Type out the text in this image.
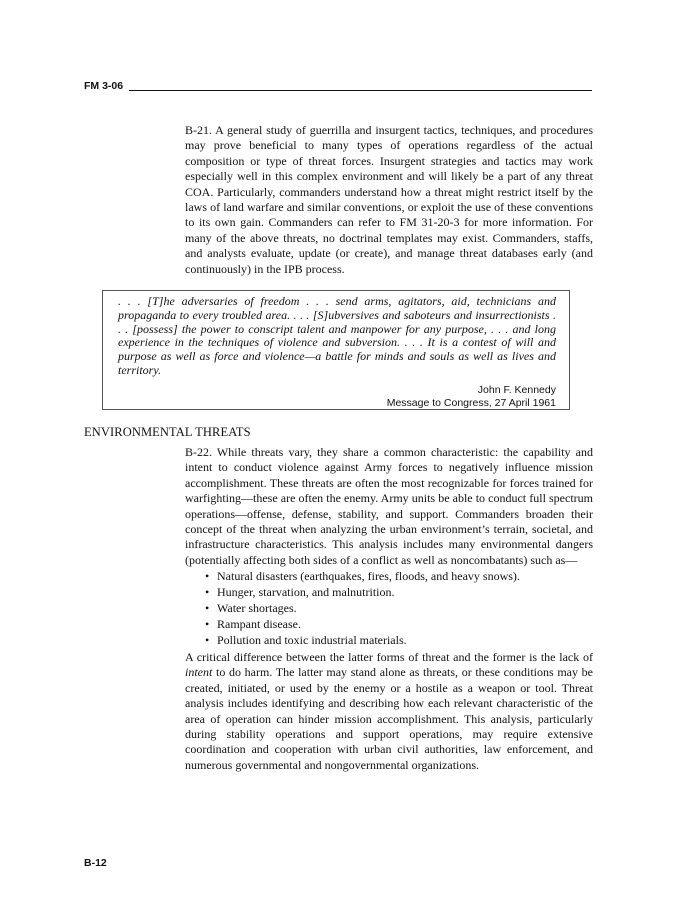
FM 3-06

B-21. A general study of guerrilla and insurgent tactics, techniques, and procedures may prove beneficial to many types of operations regardless of the actual composition or type of threat forces. Insurgent strategies and tactics may work especially well in this complex environment and will likely be a part of any threat COA. Particularly, commanders understand how a threat might restrict itself by the laws of land warfare and similar conventions, or exploit the use of these conventions to its own gain. Commanders can refer to FM 31-20-3 for more information. For many of the above threats, no doctrinal templates may exist. Commanders, staffs, and analysts evaluate, update (or create), and manage threat databases early (and continuously) in the IPB process.

. . . [T]he adversaries of freedom . . . send arms, agitators, aid, technicians and propaganda to every troubled area. . . . [S]ubversives and saboteurs and insurrectionists . . . [possess] the power to conscript talent and manpower for any purpose, . . . and long experience in the techniques of violence and subversion. . . . It is a contest of will and purpose as well as force and violence—a battle for minds and souls as well as lives and territory.

John F. Kennedy
Message to Congress, 27 April 1961
ENVIRONMENTAL THREATS

B-22. While threats vary, they share a common characteristic: the capability and intent to conduct violence against Army forces to negatively influence mission accomplishment. These threats are often the most recognizable for forces trained for warfighting—these are often the enemy. Army units be able to conduct full spectrum operations—offense, defense, stability, and support. Commanders broaden their concept of the threat when analyzing the urban environment’s terrain, societal, and infrastructure characteristics. This analysis includes many environmental dangers (potentially affecting both sides of a conflict as well as noncombatants) such as—

• Natural disasters (earthquakes, fires, floods, and heavy snows).
• Hunger, starvation, and malnutrition.
• Water shortages.
• Rampant disease.
• Pollution and toxic industrial materials.

A critical difference between the latter forms of threat and the former is the lack of intent to do harm. The latter may stand alone as threats, or these conditions may be created, initiated, or used by the enemy or a hostile as a weapon or tool. Threat analysis includes identifying and describing how each relevant characteristic of the area of operation can hinder mission accomplishment. This analysis, particularly during stability operations and support operations, may require extensive coordination and cooperation with urban civil authorities, law enforcement, and numerous governmental and nongovernmental organizations.

B-12
